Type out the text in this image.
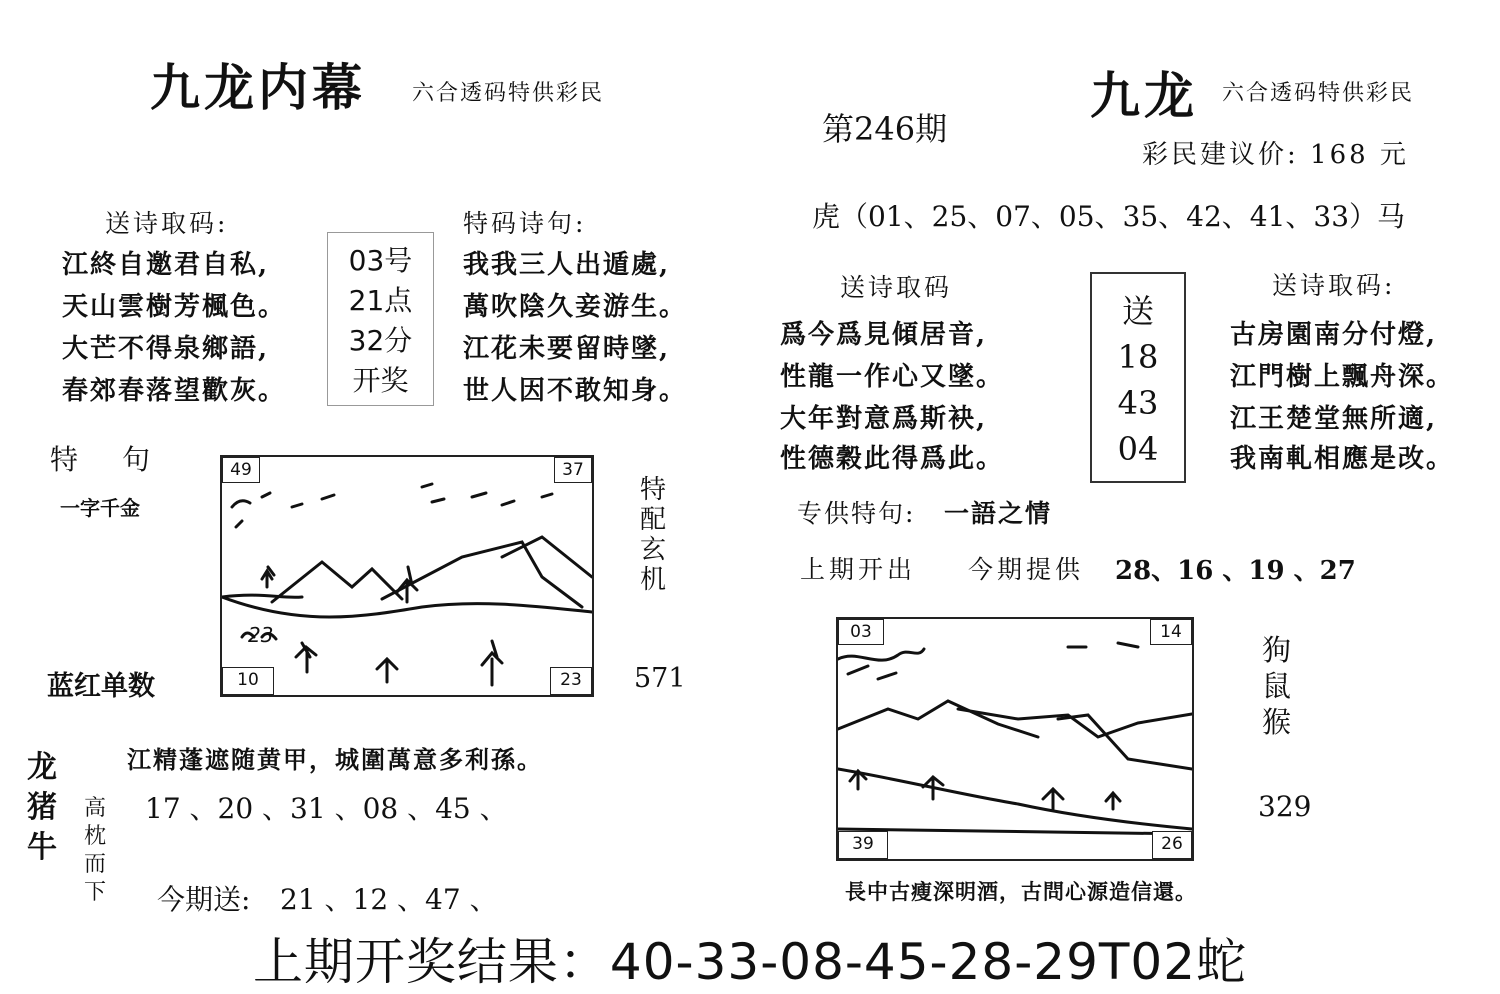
九龙内幕 六合透码特供彩民
送诗取码:
江終自邀君自私,
天山雲樹芳楓色。
大芒不得泉鄉語,
春郊春落望歡灰。
03号
21点
32分
开奖
特码诗句:
我我三人出遁處,
萬吹陰久妾游生。
江花未要留時墜,
世人因不敢知身。
特　句
一字千金
49	37
10	23
23
特
配
玄
机
蓝红单数	571
江精蓬遮随黄甲，城圍萬意多利孫。
龙
猪
牛
高
枕
而
下
17 、20 、31 、08 、45 、
今期送: 21 、12 、47 、
第246期
九龙 六合透码特供彩民
彩民建议价: 168 元
虎（01、25、07、05、35、42、41、33）马
送诗取码
爲今爲見傾居音,
性龍一作心又墜。
大年對意爲斯袂,
性德穀此得爲此。
送
18
43
04
送诗取码:
古房園南分付燈,
江門樹上飄舟深。
江王楚堂無所適,
我南軋相應是改。
专供特句: 一語之情
上期开出 今期提供 28、16 、19 、27
03	14
39	26
狗
鼠
猴
329
長中古瘦深明酒，古問心源造信還。
上期开奖结果：40-33-08-45-28-29T02蛇
